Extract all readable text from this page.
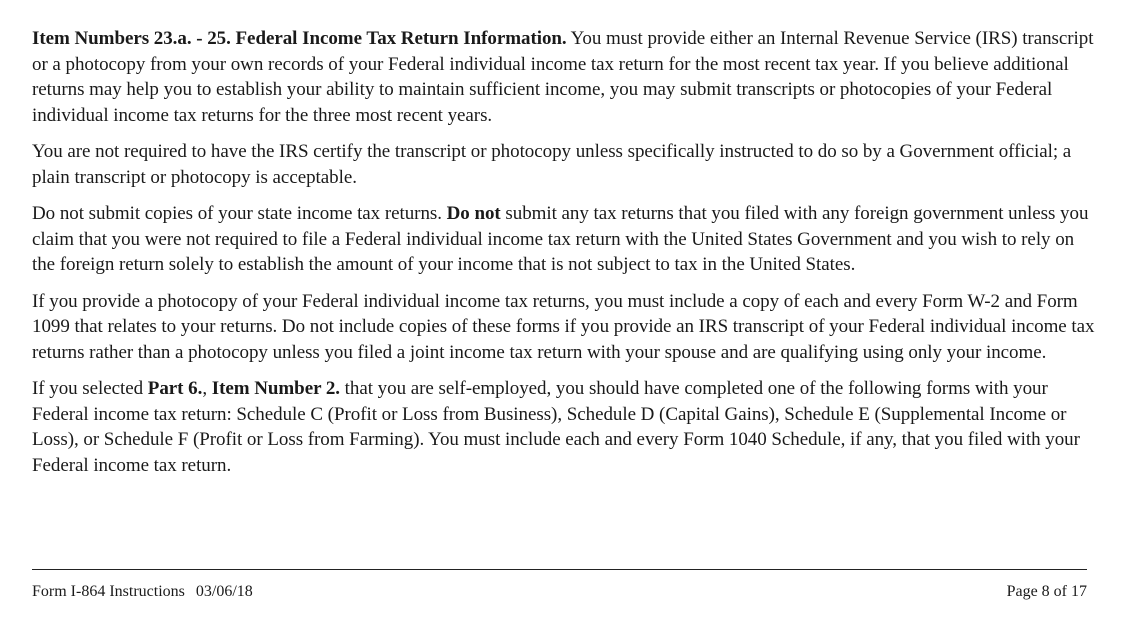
Item Numbers 23.a. - 25. Federal Income Tax Return Information. You must provide either an Internal Revenue Service (IRS) transcript or a photocopy from your own records of your Federal individual income tax return for the most recent tax year. If you believe additional returns may help you to establish your ability to maintain sufficient income, you may submit transcripts or photocopies of your Federal individual income tax returns for the three most recent years.

You are not required to have the IRS certify the transcript or photocopy unless specifically instructed to do so by a Government official; a plain transcript or photocopy is acceptable.

Do not submit copies of your state income tax returns. Do not submit any tax returns that you filed with any foreign government unless you claim that you were not required to file a Federal individual income tax return with the United States Government and you wish to rely on the foreign return solely to establish the amount of your income that is not subject to tax in the United States.

If you provide a photocopy of your Federal individual income tax returns, you must include a copy of each and every Form W-2 and Form 1099 that relates to your returns. Do not include copies of these forms if you provide an IRS transcript of your Federal individual income tax returns rather than a photocopy unless you filed a joint income tax return with your spouse and are qualifying using only your income.

If you selected Part 6., Item Number 2. that you are self-employed, you should have completed one of the following forms with your Federal income tax return: Schedule C (Profit or Loss from Business), Schedule D (Capital Gains), Schedule E (Supplemental Income or Loss), or Schedule F (Profit or Loss from Farming). You must include each and every Form 1040 Schedule, if any, that you filed with your Federal income tax return.

Form I-864 Instructions 03/06/18	Page 8 of 17
